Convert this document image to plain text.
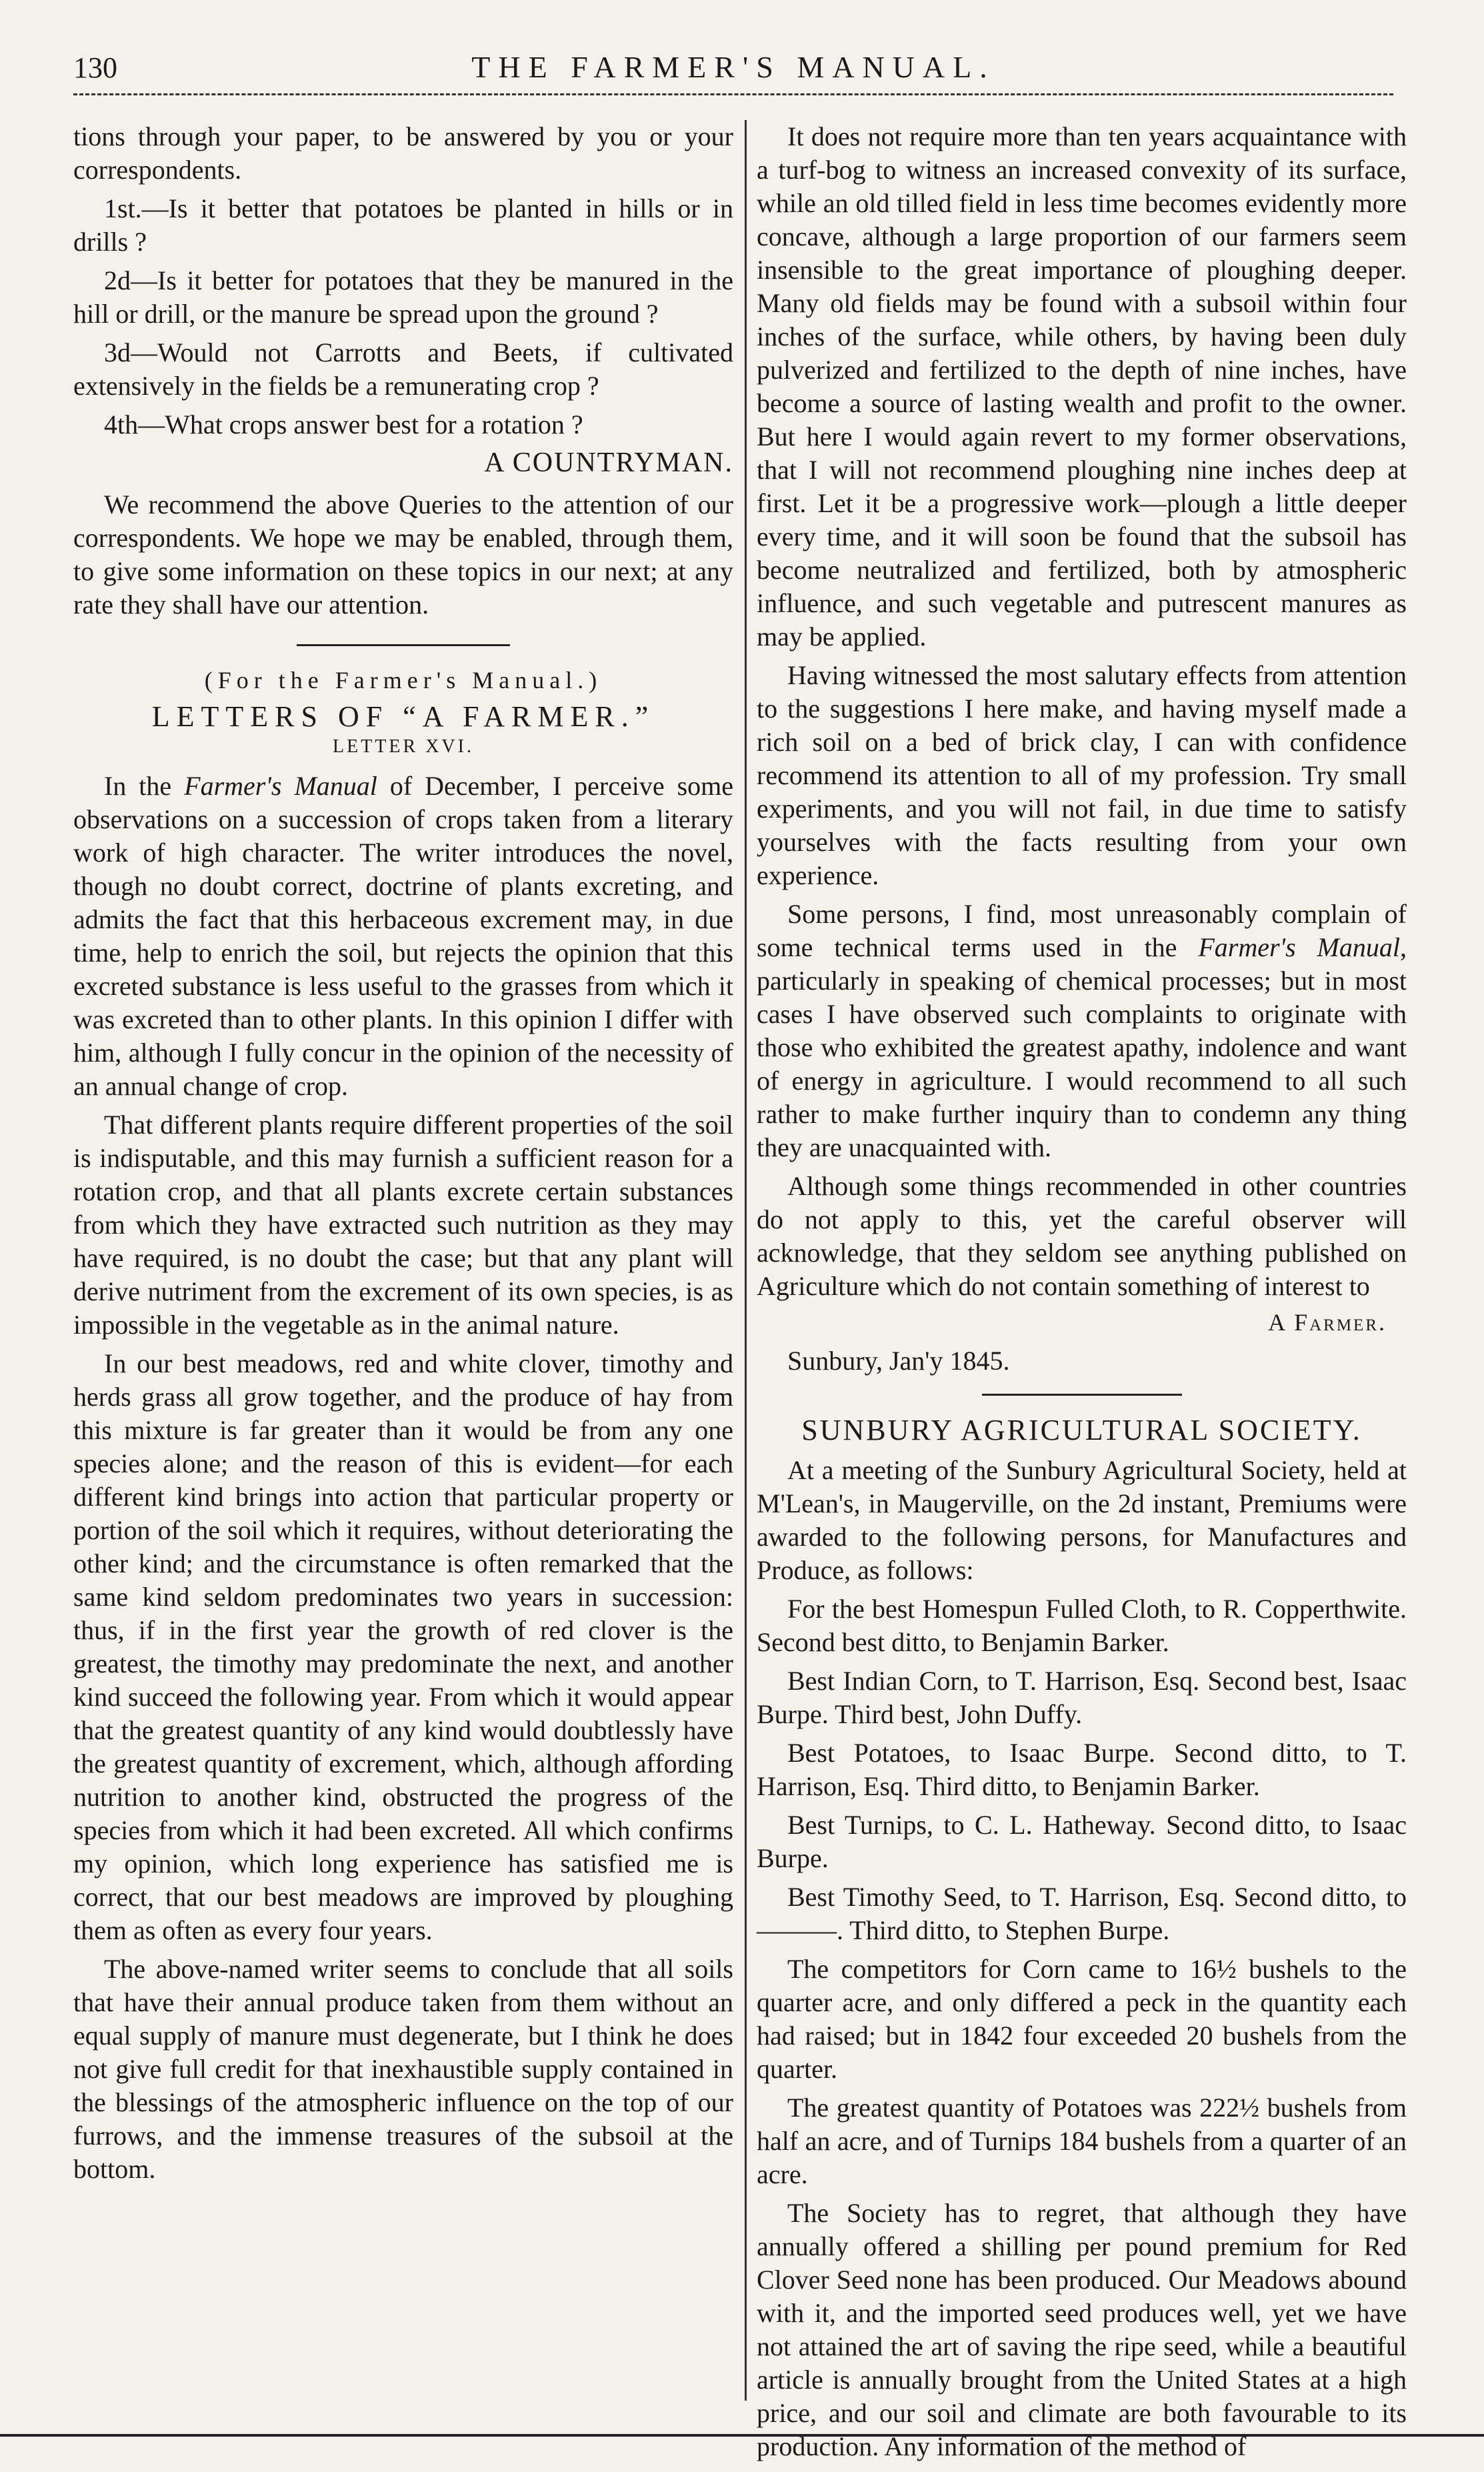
130	THE FARMER'S MANUAL.

tions through your paper, to be answered by you or your correspondents.

1st.—Is it better that potatoes be planted in hills or in drills ?

2d—Is it better for potatoes that they be manured in the hill or drill, or the manure be spread upon the ground ?

3d—Would not Carrotts and Beets, if cultivated extensively in the fields be a remunerating crop ?

4th—What crops answer best for a rotation ?

A COUNTRYMAN.

We recommend the above Queries to the attention of our correspondents. We hope we may be enabled, through them, to give some information on these topics in our next; at any rate they shall have our attention.

(For the Farmer's Manual.)
LETTERS OF “A FARMER.”
LETTER XVI.

In the Farmer's Manual of December, I perceive some observations on a succession of crops taken from a literary work of high character. The writer introduces the novel, though no doubt correct, doctrine of plants excreting, and admits the fact that this herbaceous excrement may, in due time, help to enrich the soil, but rejects the opinion that this excreted substance is less useful to the grasses from which it was excreted than to other plants. In this opinion I differ with him, although I fully concur in the opinion of the necessity of an annual change of crop.

That different plants require different properties of the soil is indisputable, and this may furnish a sufficient reason for a rotation crop, and that all plants excrete certain substances from which they have extracted such nutrition as they may have required, is no doubt the case; but that any plant will derive nutriment from the excrement of its own species, is as impossible in the vegetable as in the animal nature.

In our best meadows, red and white clover, timothy and herds grass all grow together, and the produce of hay from this mixture is far greater than it would be from any one species alone; and the reason of this is evident—for each different kind brings into action that particular property or portion of the soil which it requires, without deteriorating the other kind; and the circumstance is often remarked that the same kind seldom predominates two years in succession: thus, if in the first year the growth of red clover is the greatest, the timothy may predominate the next, and another kind succeed the following year. From which it would appear that the greatest quantity of any kind would doubtlessly have the greatest quantity of excrement, which, although affording nutrition to another kind, obstructed the progress of the species from which it had been excreted. All which confirms my opinion, which long experience has satisfied me is correct, that our best meadows are improved by ploughing them as often as every four years.

The above-named writer seems to conclude that all soils that have their annual produce taken from them without an equal supply of manure must degenerate, but I think he does not give full credit for that inexhaustible supply contained in the blessings of the atmospheric influence on the top of our furrows, and the immense treasures of the subsoil at the bottom.

It does not require more than ten years acquaintance with a turf-bog to witness an increased convexity of its surface, while an old tilled field in less time becomes evidently more concave, although a large proportion of our farmers seem insensible to the great importance of ploughing deeper. Many old fields may be found with a subsoil within four inches of the surface, while others, by having been duly pulverized and fertilized to the depth of nine inches, have become a source of lasting wealth and profit to the owner. But here I would again revert to my former observations, that I will not recommend ploughing nine inches deep at first. Let it be a progressive work—plough a little deeper every time, and it will soon be found that the subsoil has become neutralized and fertilized, both by atmospheric influence, and such vegetable and putrescent manures as may be applied.

Having witnessed the most salutary effects from attention to the suggestions I here make, and having myself made a rich soil on a bed of brick clay, I can with confidence recommend its attention to all of my profession. Try small experiments, and you will not fail, in due time to satisfy yourselves with the facts resulting from your own experience.

Some persons, I find, most unreasonably complain of some technical terms used in the Farmer's Manual, particularly in speaking of chemical processes; but in most cases I have observed such complaints to originate with those who exhibited the greatest apathy, indolence and want of energy in agriculture. I would recommend to all such rather to make further inquiry than to condemn any thing they are unacquainted with.

Although some things recommended in other countries do not apply to this, yet the careful observer will acknowledge, that they seldom see anything published on Agriculture which do not contain something of interest to

A Farmer.

Sunbury, Jan'y 1845.

SUNBURY AGRICULTURAL SOCIETY.

At a meeting of the Sunbury Agricultural Society, held at M'Lean's, in Maugerville, on the 2d instant, Premiums were awarded to the following persons, for Manufactures and Produce, as follows:

For the best Homespun Fulled Cloth, to R. Copperthwite. Second best ditto, to Benjamin Barker.

Best Indian Corn, to T. Harrison, Esq. Second best, Isaac Burpe. Third best, John Duffy.

Best Potatoes, to Isaac Burpe. Second ditto, to T. Harrison, Esq. Third ditto, to Benjamin Barker.

Best Turnips, to C. L. Hatheway. Second ditto, to Isaac Burpe.

Best Timothy Seed, to T. Harrison, Esq. Second ditto, to ———. Third ditto, to Stephen Burpe.

The competitors for Corn came to 16½ bushels to the quarter acre, and only differed a peck in the quantity each had raised; but in 1842 four exceeded 20 bushels from the quarter.

The greatest quantity of Potatoes was 222½ bushels from half an acre, and of Turnips 184 bushels from a quarter of an acre.

The Society has to regret, that although they have annually offered a shilling per pound premium for Red Clover Seed none has been produced. Our Meadows abound with it, and the imported seed produces well, yet we have not attained the art of saving the ripe seed, while a beautiful article is annually brought from the United States at a high price, and our soil and climate are both favourable to its production. Any information of the method of
